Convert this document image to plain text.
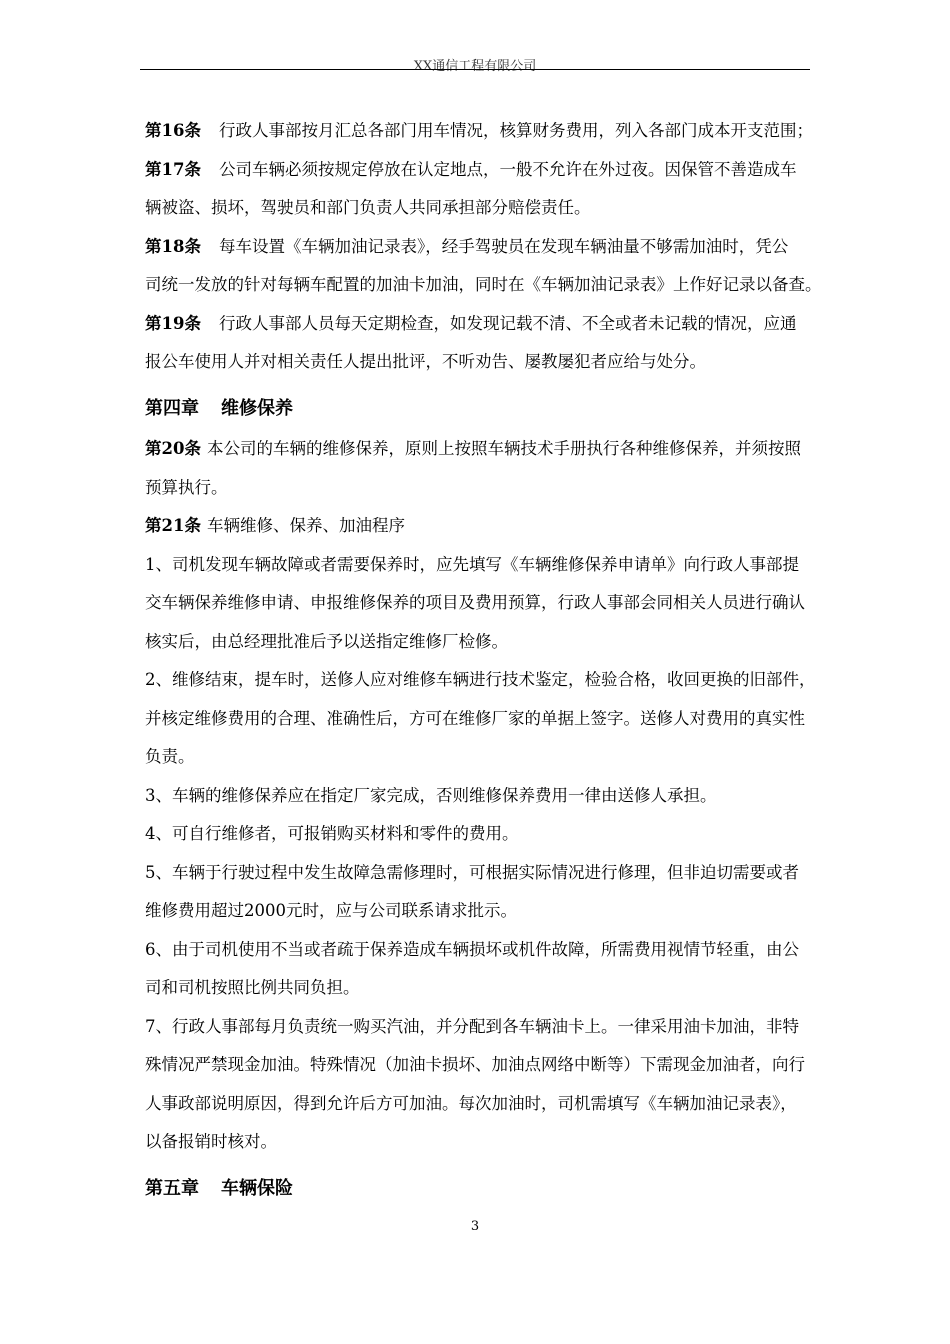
XX通信工程有限公司
第16条 行政人事部按月汇总各部门用车情况，核算财务费用，列入各部门成本开支范围；
第17条 公司车辆必须按规定停放在认定地点，一般不允许在外过夜。因保管不善造成车
辆被盗、损坏，驾驶员和部门负责人共同承担部分赔偿责任。
第18条 每车设置《车辆加油记录表》，经手驾驶员在发现车辆油量不够需加油时，凭公
司统一发放的针对每辆车配置的加油卡加油，同时在《车辆加油记录表》上作好记录以备查。
第19条 行政人事部人员每天定期检查，如发现记载不清、不全或者未记载的情况，应通
报公车使用人并对相关责任人提出批评，不听劝告、屡教屡犯者应给与处分。
第四章 维修保养
第20条 本公司的车辆的维修保养，原则上按照车辆技术手册执行各种维修保养，并须按照
预算执行。
第21条 车辆维修、保养、加油程序
1、司机发现车辆故障或者需要保养时，应先填写《车辆维修保养申请单》向行政人事部提
交车辆保养维修申请、申报维修保养的项目及费用预算，行政人事部会同相关人员进行确认
核实后，由总经理批准后予以送指定维修厂检修。
2、维修结束，提车时，送修人应对维修车辆进行技术鉴定，检验合格，收回更换的旧部件，
并核定维修费用的合理、准确性后，方可在维修厂家的单据上签字。送修人对费用的真实性
负责。
3、车辆的维修保养应在指定厂家完成，否则维修保养费用一律由送修人承担。
4、可自行维修者，可报销购买材料和零件的费用。
5、车辆于行驶过程中发生故障急需修理时，可根据实际情况进行修理，但非迫切需要或者
维修费用超过2000元时，应与公司联系请求批示。
6、由于司机使用不当或者疏于保养造成车辆损坏或机件故障，所需费用视情节轻重，由公
司和司机按照比例共同负担。
7、行政人事部每月负责统一购买汽油，并分配到各车辆油卡上。一律采用油卡加油，非特
殊情况严禁现金加油。特殊情况（加油卡损坏、加油点网络中断等）下需现金加油者，向行
人事政部说明原因，得到允许后方可加油。每次加油时，司机需填写《车辆加油记录表》，
以备报销时核对。
第五章 车辆保险
3
